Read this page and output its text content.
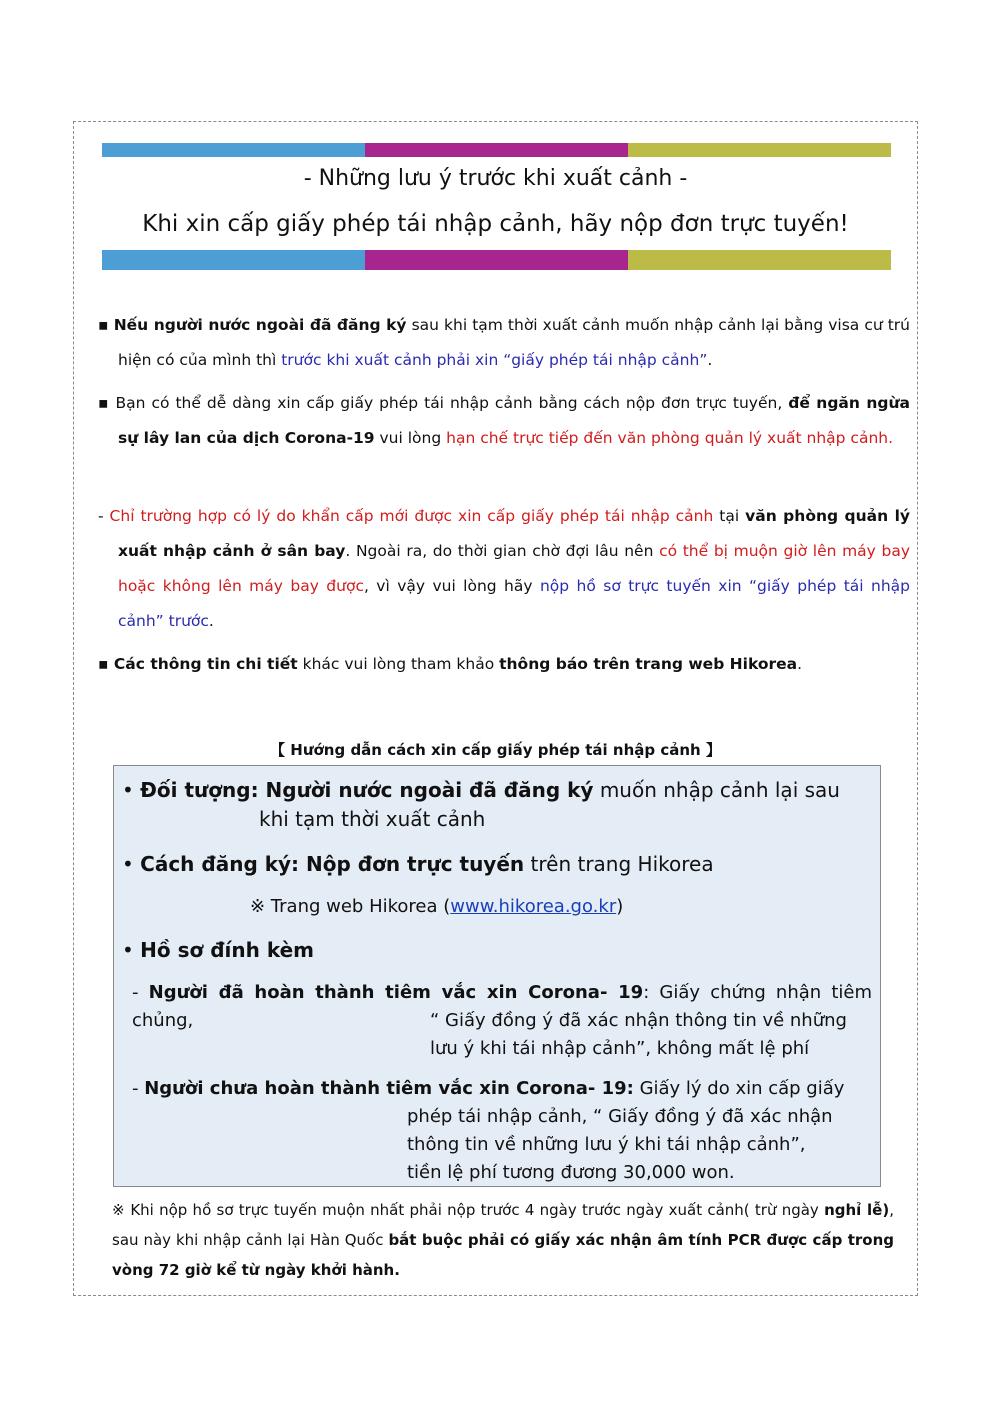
- Những lưu ý trước khi xuất cảnh -
Khi xin cấp giấy phép tái nhập cảnh, hãy nộp đơn trực tuyến!
▪ Nếu người nước ngoài đã đăng ký sau khi tạm thời xuất cảnh muốn nhập cảnh lại bằng visa cư trú hiện có của mình thì trước khi xuất cảnh phải xin “giấy phép tái nhập cảnh”.
▪ Bạn có thể dễ dàng xin cấp giấy phép tái nhập cảnh bằng cách nộp đơn trực tuyến, để ngăn ngừa sự lây lan của dịch Corona-19 vui lòng hạn chế trực tiếp đến văn phòng quản lý xuất nhập cảnh.
- Chỉ trường hợp có lý do khẩn cấp mới được xin cấp giấy phép tái nhập cảnh tại văn phòng quản lý xuất nhập cảnh ở sân bay. Ngoài ra, do thời gian chờ đợi lâu nên có thể bị muộn giờ lên máy bay hoặc không lên máy bay được, vì vậy vui lòng hãy nộp hồ sơ trực tuyến xin “giấy phép tái nhập cảnh” trước.
▪ Các thông tin chi tiết khác vui lòng tham khảo thông báo trên trang web Hikorea.
【 Hướng dẫn cách xin cấp giấy phép tái nhập cảnh 】
• Đối tượng: Người nước ngoài đã đăng ký muốn nhập cảnh lại sau
khi tạm thời xuất cảnh
• Cách đăng ký: Nộp đơn trực tuyến trên trang Hikorea
※ Trang web Hikorea (www.hikorea.go.kr)
• Hồ sơ đính kèm
- Người đã hoàn thành tiêm vắc xin Corona- 19: Giấy chứng nhận tiêm chủng,	“ Giấy đồng ý đã xác nhận thông tin về những
lưu ý khi tái nhập cảnh”, không mất lệ phí
- Người chưa hoàn thành tiêm vắc xin Corona- 19: Giấy lý do xin cấp giấy
phép tái nhập cảnh, “ Giấy đồng ý đã xác nhận
thông tin về những lưu ý khi tái nhập cảnh”,
tiền lệ phí tương đương 30,000 won.
※ Khi nộp hồ sơ trực tuyến muộn nhất phải nộp trước 4 ngày trước ngày xuất cảnh( trừ ngày nghỉ lễ), sau này khi nhập cảnh lại Hàn Quốc bắt buộc phải có giấy xác nhận âm tính PCR được cấp trong vòng 72 giờ kể từ ngày khởi hành.
